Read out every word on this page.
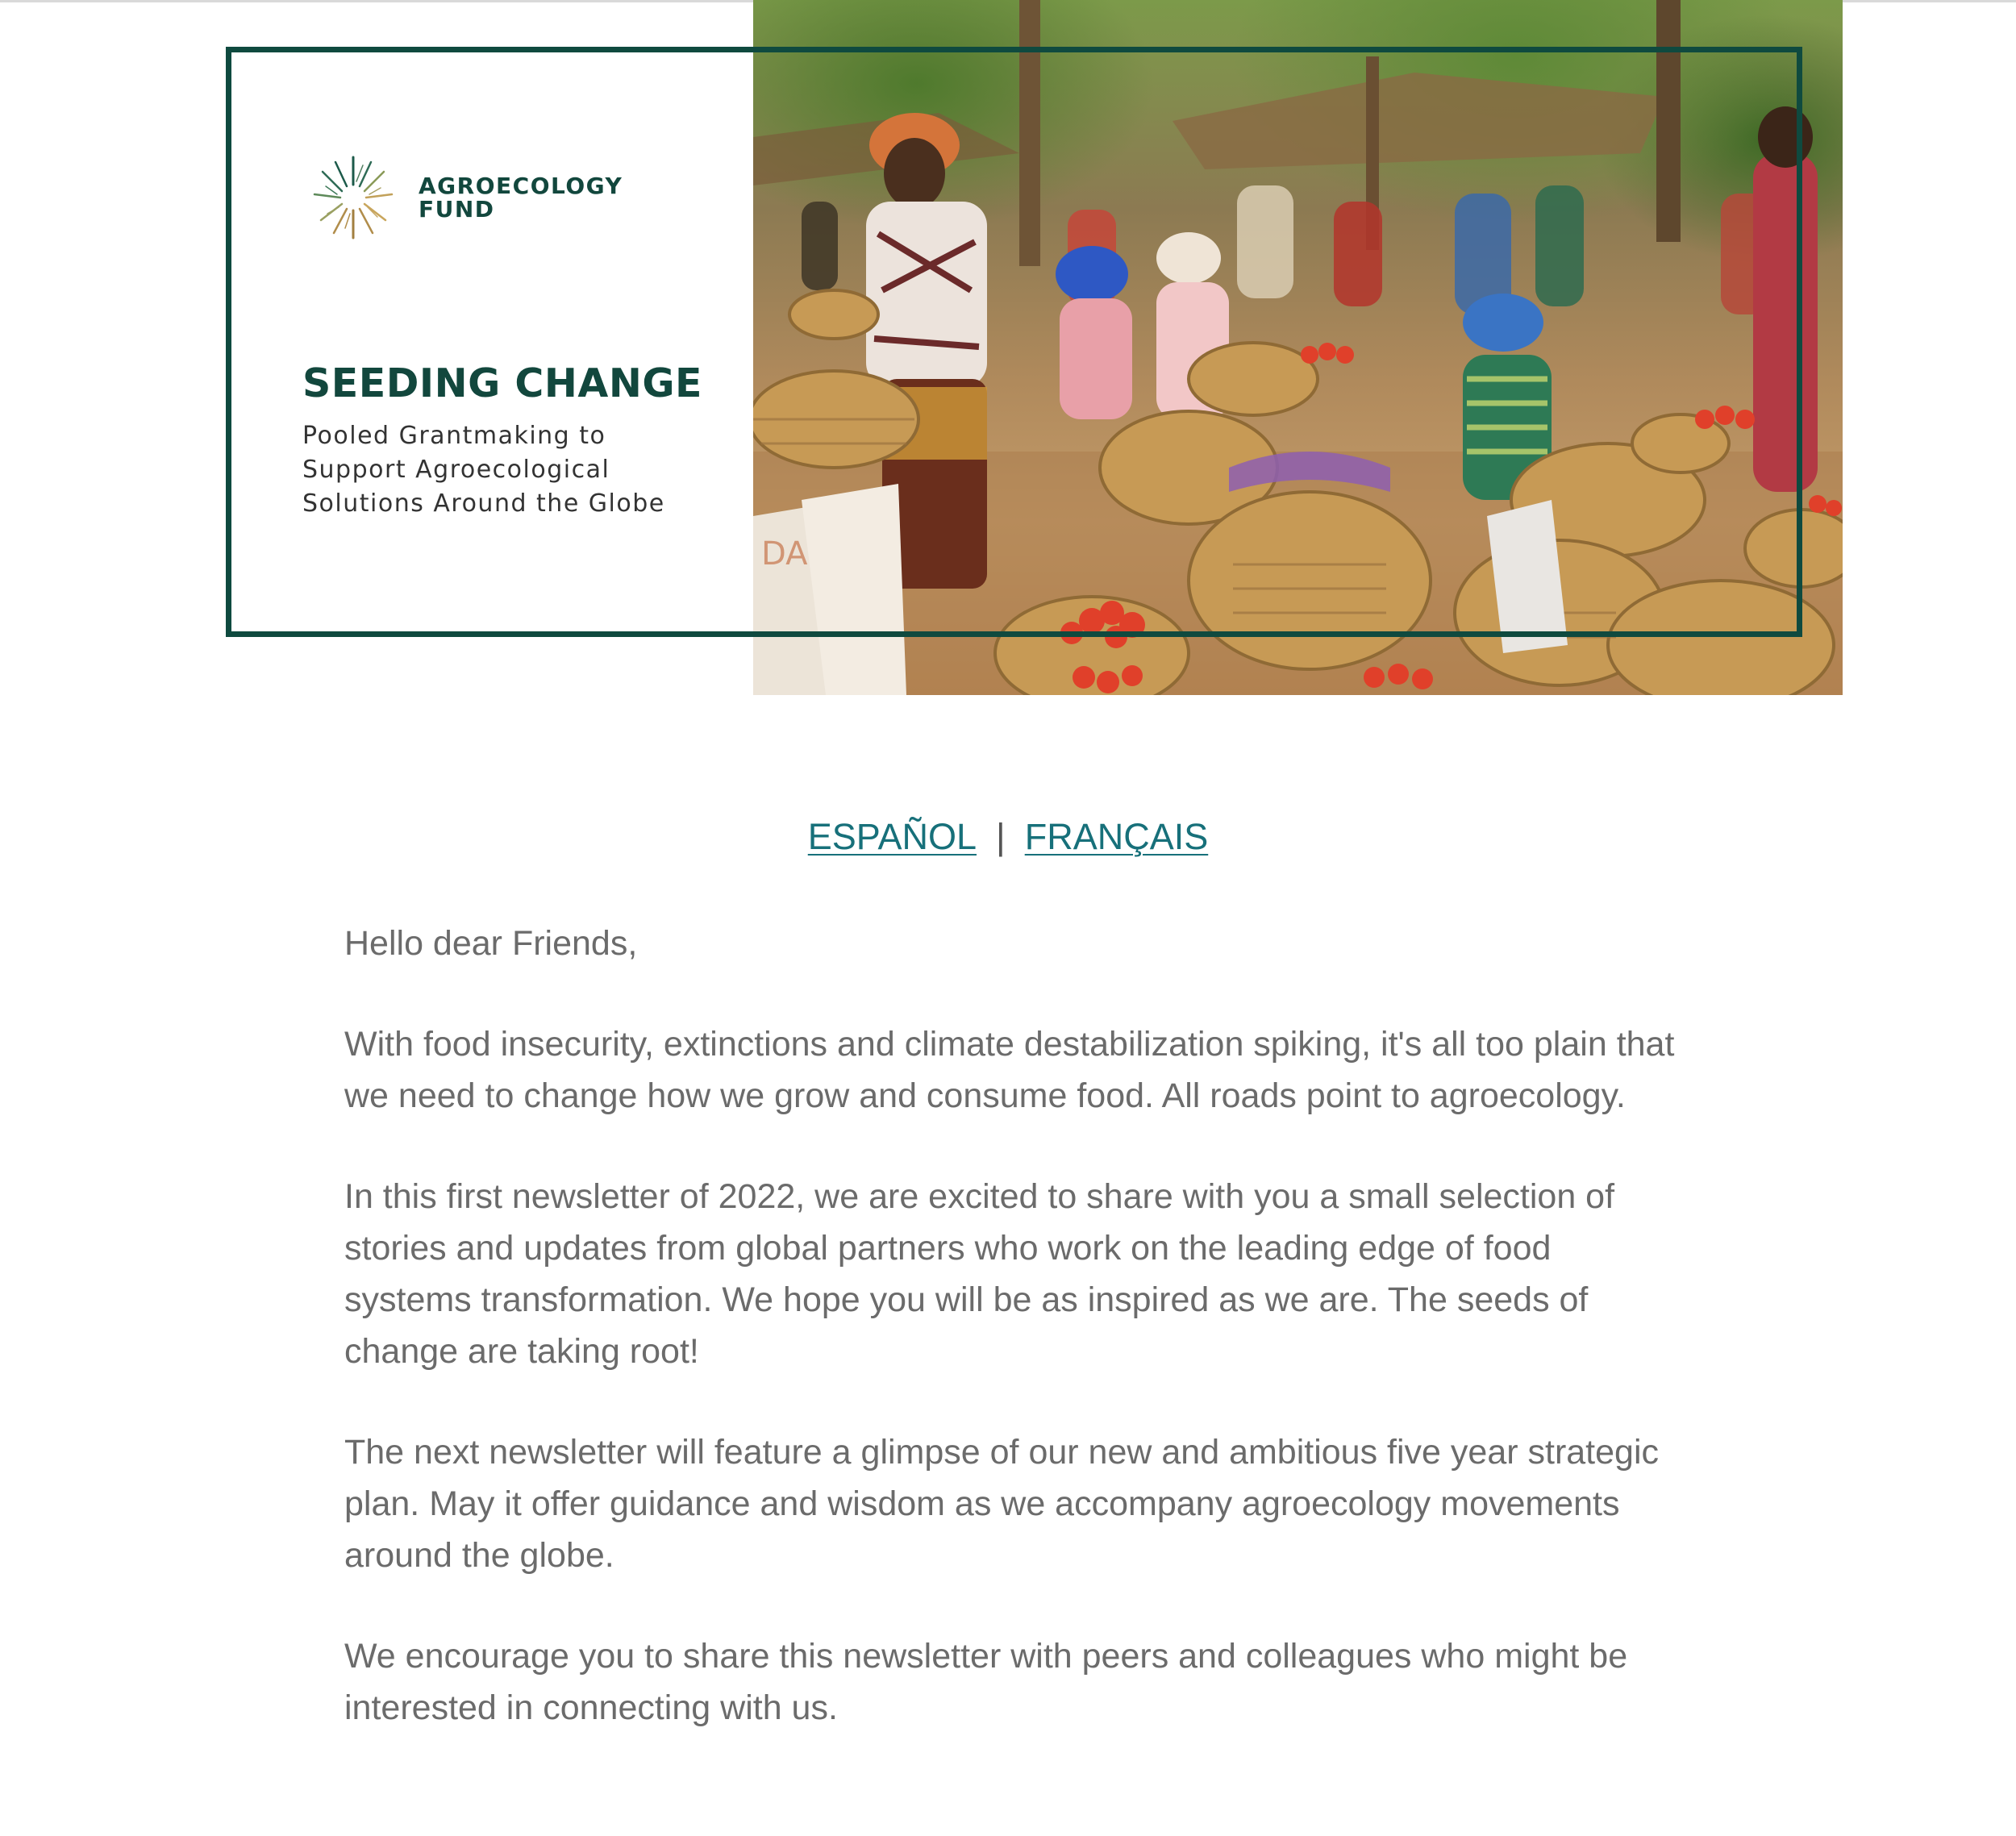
DA
AGROECOLOGY
FUND
SEEDING CHANGE

Pooled Grantmaking to
Support Agroecological
Solutions Around the Globe

ESPAÑOL | FRANÇAIS

Hello dear Friends,

With food insecurity, extinctions and climate destabilization spiking, it's all too plain that we need to change how we grow and consume food. All roads point to agroecology.

In this first newsletter of 2022, we are excited to share with you a small selection of stories and updates from global partners who work on the leading edge of food systems transformation. We hope you will be as inspired as we are. The seeds of change are taking root!

The next newsletter will feature a glimpse of our new and ambitious five year strategic plan. May it offer guidance and wisdom as we accompany agroecology movements around the globe.

We encourage you to share this newsletter with peers and colleagues who might be interested in connecting with us.
